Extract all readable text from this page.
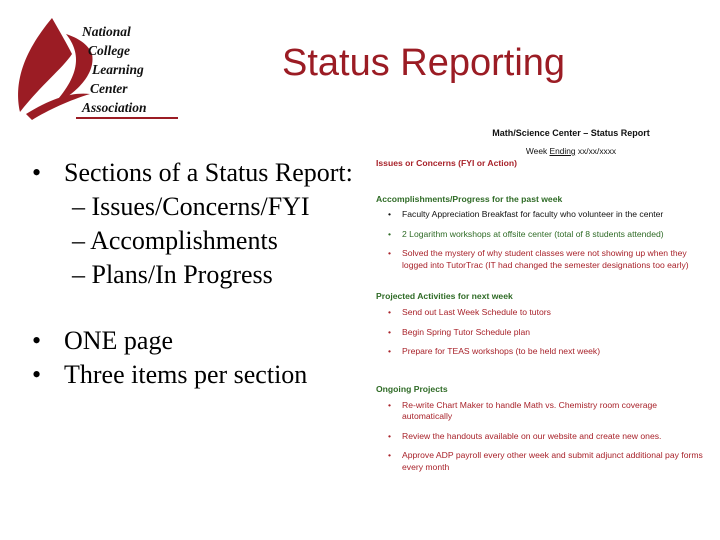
National
College
Learning
Center
Association
Status Reporting
• Sections of a Status Report:
– Issues/Concerns/FYI
– Accomplishments
– Plans/In Progress
• ONE page
• Three items per section
Math/Science Center – Status Report
Week Ending xx/xx/xxxx
Issues or Concerns (FYI or Action)
Accomplishments/Progress for the past week
• Faculty Appreciation Breakfast for faculty who volunteer in the center
• 2 Logarithm workshops at offsite center (total of 8 students attended)
• Solved the mystery of why student classes were not showing up when they logged into TutorTrac (IT had changed the semester designations too early)
Projected Activities for next week
• Send out Last Week Schedule to tutors
• Begin Spring Tutor Schedule plan
• Prepare for TEAS workshops (to be held next week)
Ongoing Projects
• Re-write Chart Maker to handle Math vs. Chemistry room coverage automatically
• Review the handouts available on our website and create new ones.
• Approve ADP payroll every other week and submit adjunct additional pay forms every month
